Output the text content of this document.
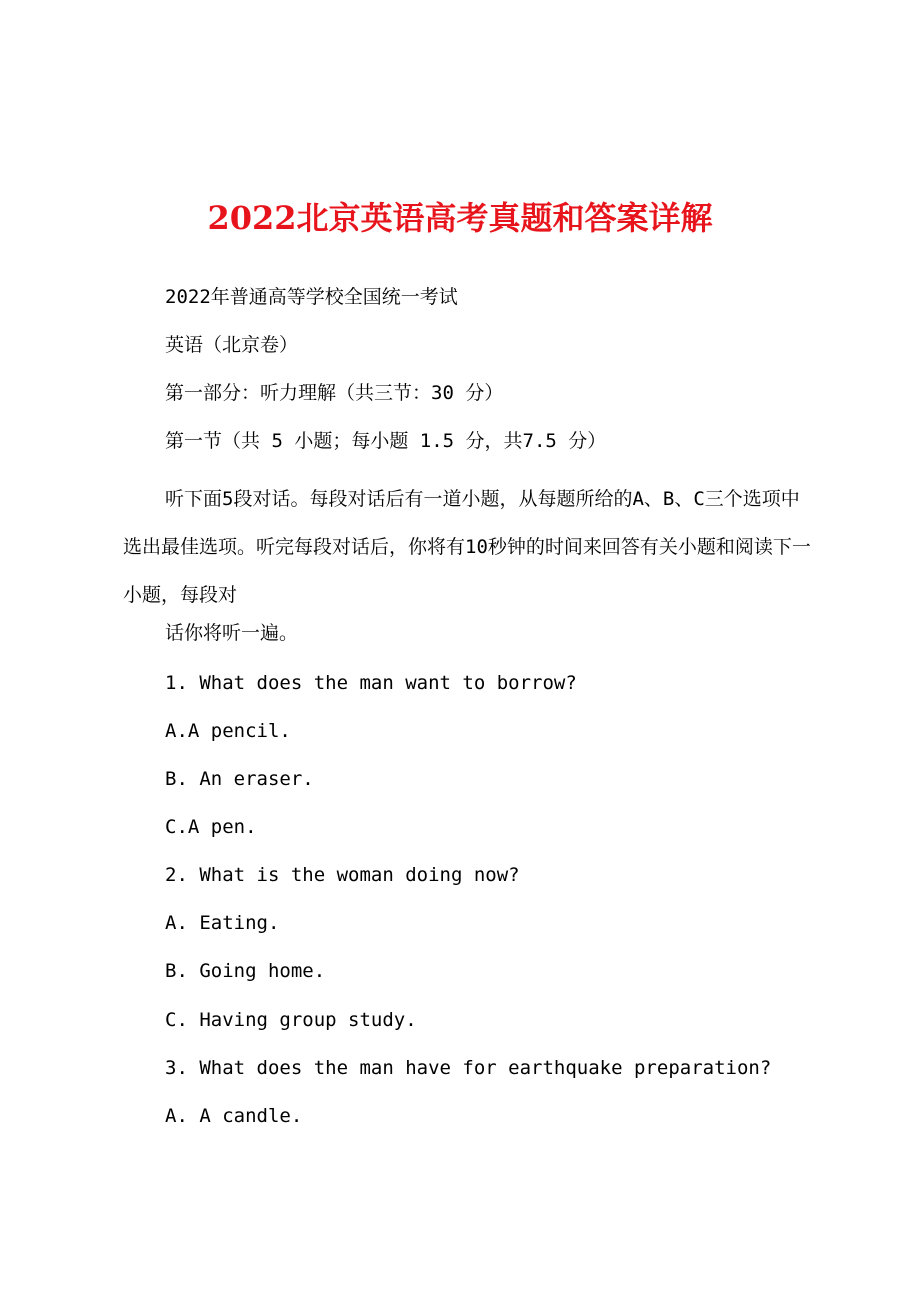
2022北京英语高考真题和答案详解
2022年普通高等学校全国统一考试
英语（北京卷）
第一部分：听力理解（共三节：30 分）
第一节（共 5 小题；每小题 1.5 分，共7.5 分）
听下面5段对话。每段对话后有一道小题，从每题所给的A、B、C三个选项中选出最佳选项。听完每段对话后，你将有10秒钟的时间来回答有关小题和阅读下一小题，每段对
话你将听一遍。
1. What does the man want to borrow?
A.A pencil.
B. An eraser.
C.A pen.
2. What is the woman doing now?
A. Eating.
B. Going home.
C. Having group study.
3. What does the man have for earthquake preparation?
A. A candle.
